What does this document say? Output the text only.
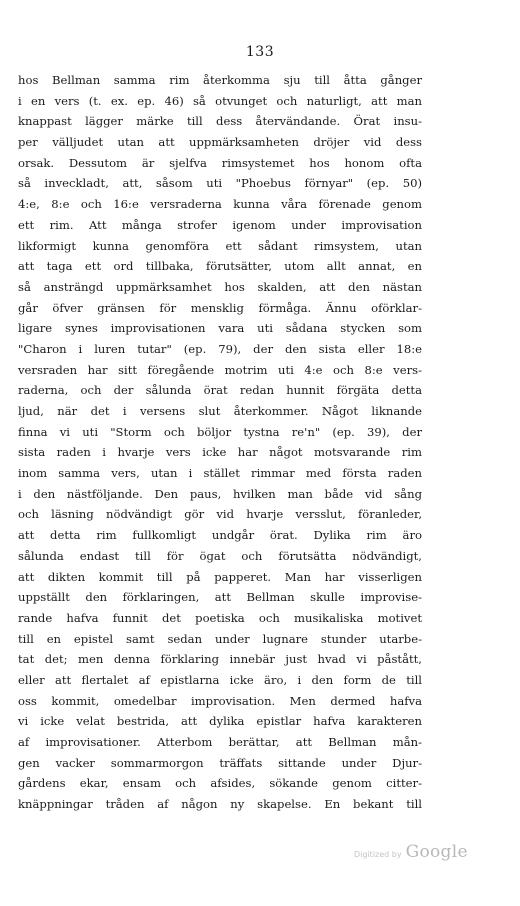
133
hos Bellman samma rim återkomma sju till åtta gånger
i en vers (t. ex. ep. 46) så otvunget och naturligt, att man
knappast lägger märke till dess återvändande. Örat insu-
per välljudet utan att uppmärksamheten dröjer vid dess
orsak. Dessutom är sjelfva rimsystemet hos honom ofta
så inveckladt, att, såsom uti "Phoebus förnyar" (ep. 50)
4:e, 8:e och 16:e versraderna kunna våra förenade genom
ett rim. Att många strofer igenom under improvisation
likformigt kunna genomföra ett sådant rimsystem, utan
att taga ett ord tillbaka, förutsätter, utom allt annat, en
så ansträngd uppmärksamhet hos skalden, att den nästan
går öfver gränsen för mensklig förmåga. Ännu oförklar-
ligare synes improvisationen vara uti sådana stycken som
"Charon i luren tutar" (ep. 79), der den sista eller 18:e
versraden har sitt föregående motrim uti 4:e och 8:e vers-
raderna, och der sålunda örat redan hunnit förgäta detta
ljud, när det i versens slut återkommer. Något liknande
finna vi uti "Storm och böljor tystna re'n" (ep. 39), der
sista raden i hvarje vers icke har något motsvarande rim
inom samma vers, utan i stället rimmar med första raden
i den nästföljande. Den paus, hvilken man både vid sång
och läsning nödvändigt gör vid hvarje versslut, föranleder,
att detta rim fullkomligt undgår örat. Dylika rim äro
sålunda endast till för ögat och förutsätta nödvändigt,
att dikten kommit till på papperet. Man har visserligen
uppställt den förklaringen, att Bellman skulle improvise-
rande hafva funnit det poetiska och musikaliska motivet
till en epistel samt sedan under lugnare stunder utarbe-
tat det; men denna förklaring innebär just hvad vi påstått,
eller att flertalet af epistlarna icke äro, i den form de till
oss kommit, omedelbar improvisation. Men dermed hafva
vi icke velat bestrida, att dylika epistlar hafva karakteren
af improvisationer. Atterbom berättar, att Bellman mån-
gen vacker sommarmorgon träffats sittande under Djur-
gårdens ekar, ensam och afsides, sökande genom citter-
knäppningar tråden af någon ny skapelse. En bekant till
Digitized by Google
